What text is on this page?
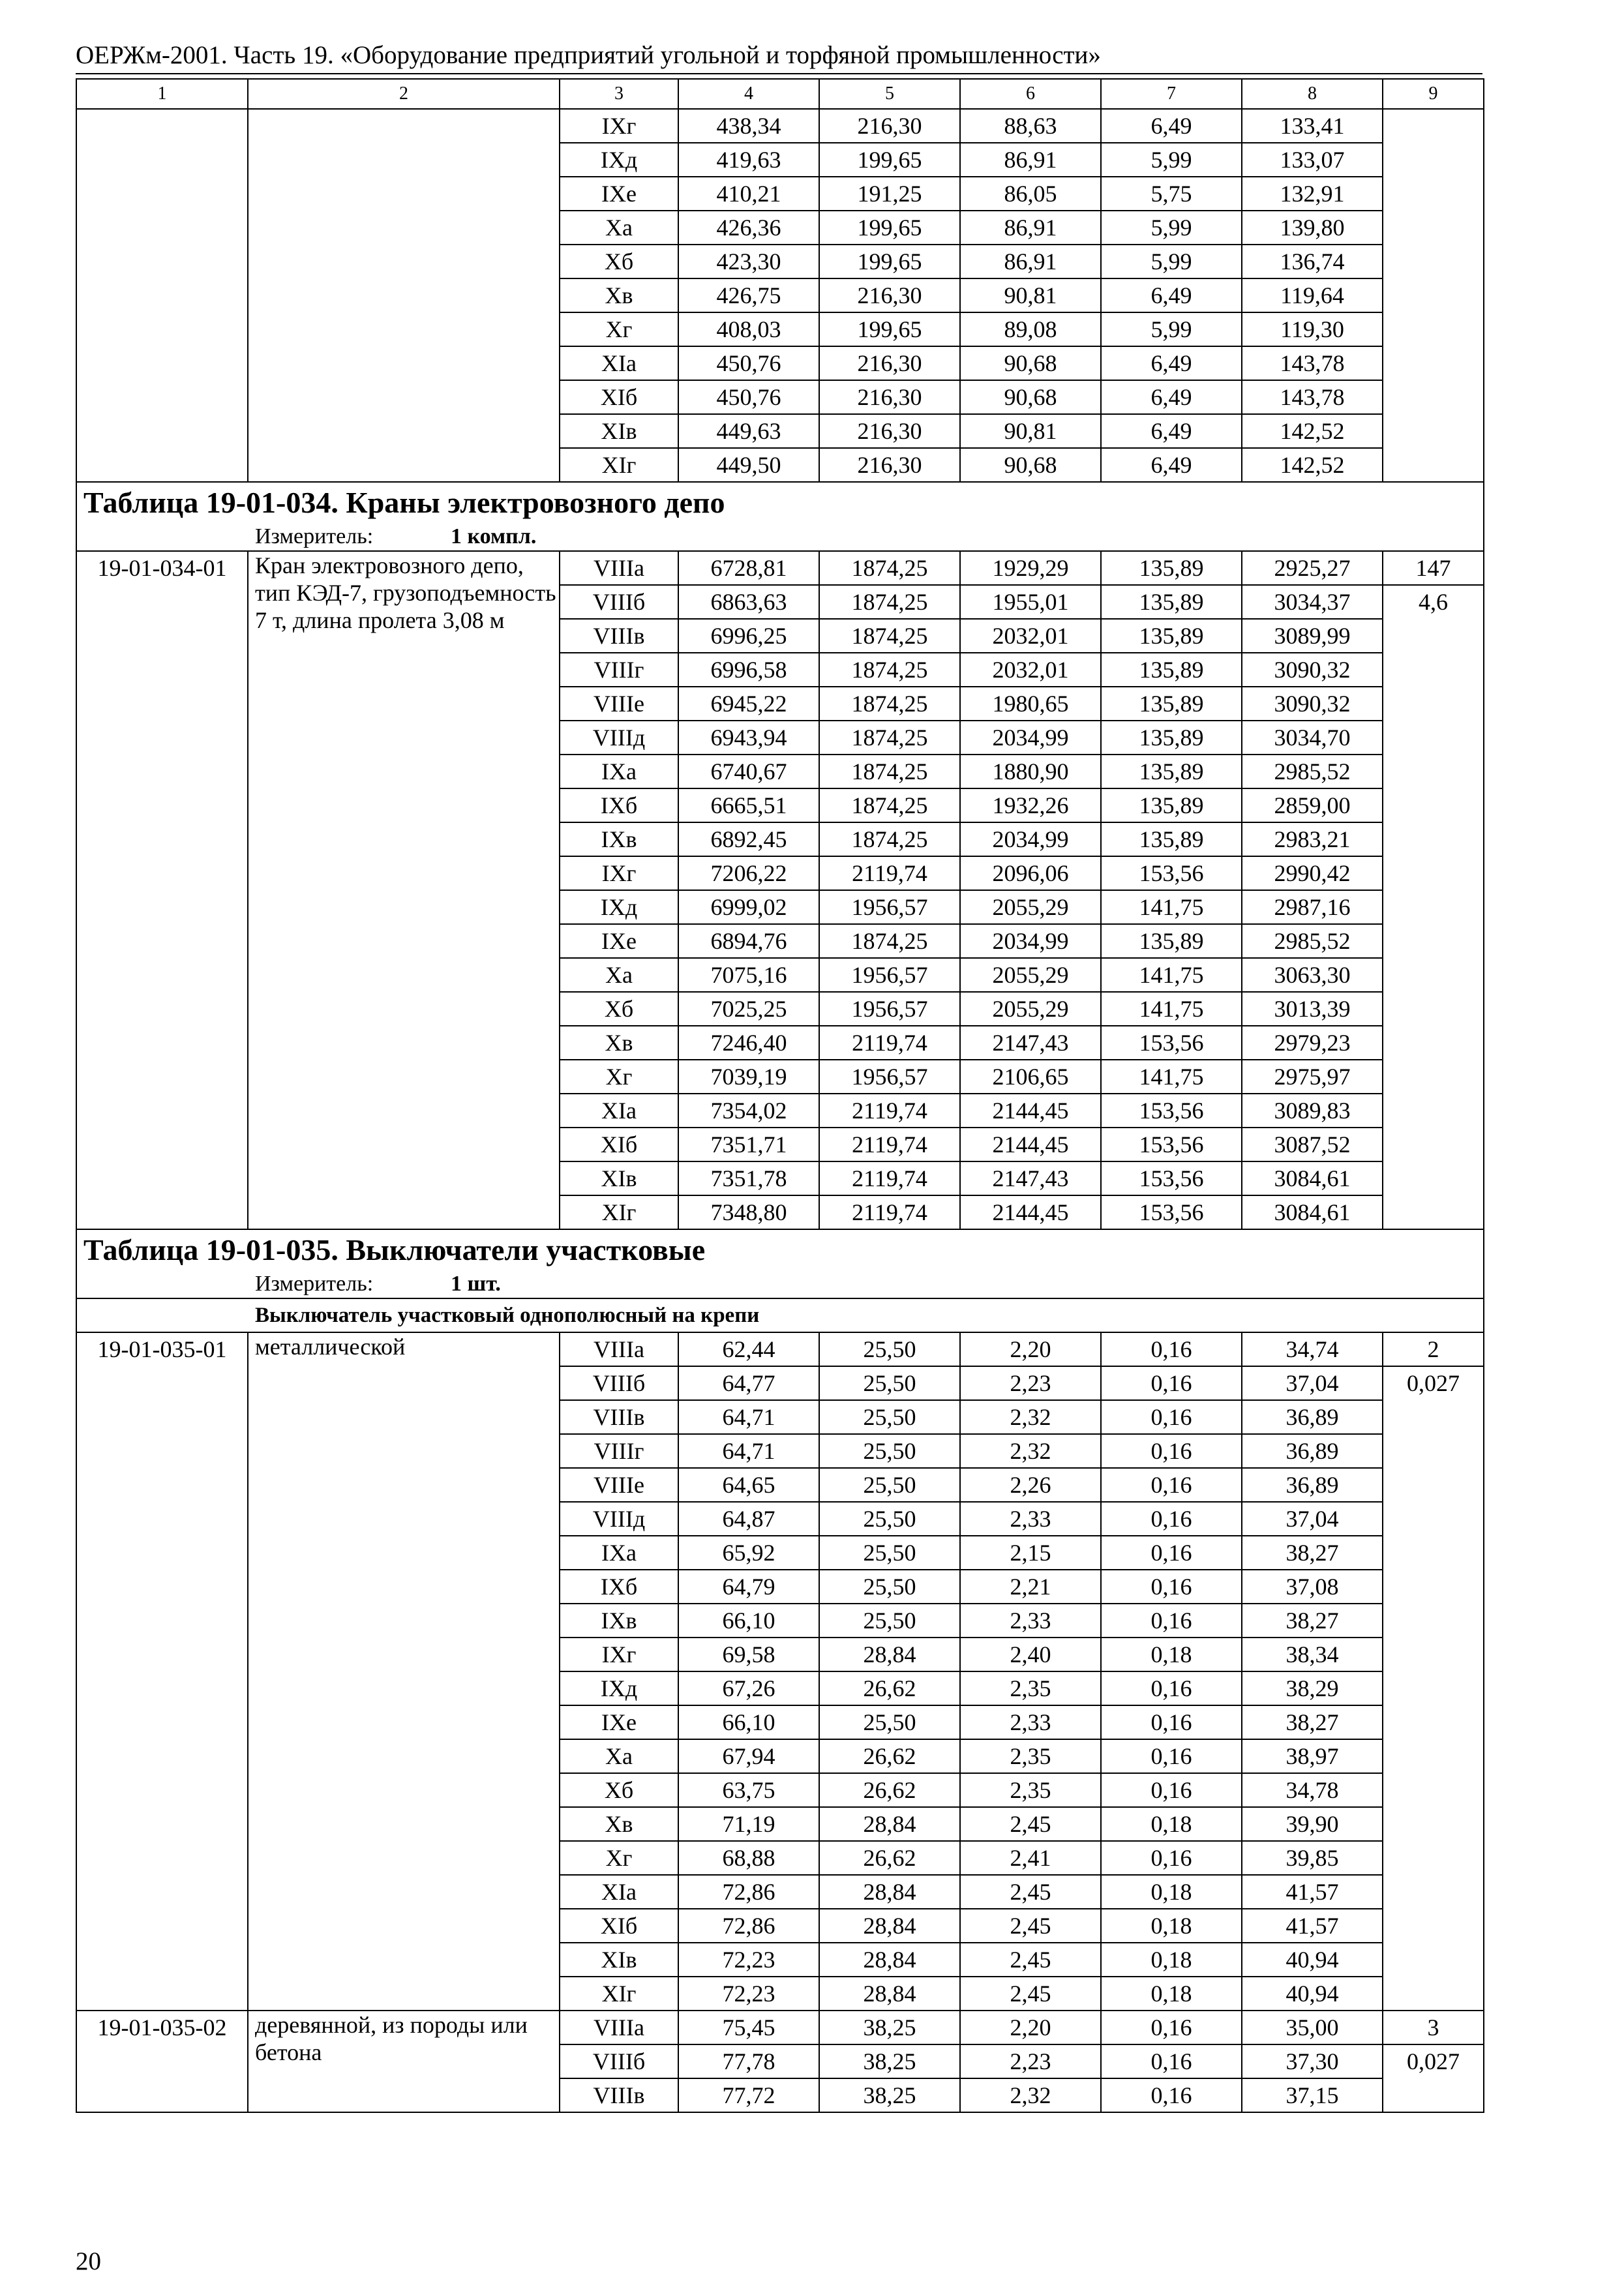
ОЕРЖм-2001. Часть 19. «Оборудование предприятий угольной и торфяной промышленности»
1	2	3	4	5	6	7	8	9
		IXг	438,34	216,30	88,63	6,49	133,41	
		IXд	419,63	199,65	86,91	5,99	133,07	
		IXе	410,21	191,25	86,05	5,75	132,91	
		Xа	426,36	199,65	86,91	5,99	139,80	
		Xб	423,30	199,65	86,91	5,99	136,74	
		Xв	426,75	216,30	90,81	6,49	119,64	
		Xг	408,03	199,65	89,08	5,99	119,30	
		XIа	450,76	216,30	90,68	6,49	143,78	
		XIб	450,76	216,30	90,68	6,49	143,78	
		XIв	449,63	216,30	90,81	6,49	142,52	
		XIг	449,50	216,30	90,68	6,49	142,52	
Таблица 19-01-034. Краны электровозного депо								
Измеритель: 1 компл.								
19-01-034-01	Кран электровозного депо, тип КЭД-7, грузоподъемность 7 т, длина пролета 3,08 м	VIIIа	6728,81	1874,25	1929,29	135,89	2925,27	147
		VIIIб	6863,63	1874,25	1955,01	135,89	3034,37	4,6
		VIIIв	6996,25	1874,25	2032,01	135,89	3089,99	
		VIIIг	6996,58	1874,25	2032,01	135,89	3090,32	
		VIIIе	6945,22	1874,25	1980,65	135,89	3090,32	
		VIIIд	6943,94	1874,25	2034,99	135,89	3034,70	
		IXа	6740,67	1874,25	1880,90	135,89	2985,52	
		IXб	6665,51	1874,25	1932,26	135,89	2859,00	
		IXв	6892,45	1874,25	2034,99	135,89	2983,21	
		IXг	7206,22	2119,74	2096,06	153,56	2990,42	
		IXд	6999,02	1956,57	2055,29	141,75	2987,16	
		IXе	6894,76	1874,25	2034,99	135,89	2985,52	
		Xа	7075,16	1956,57	2055,29	141,75	3063,30	
		Xб	7025,25	1956,57	2055,29	141,75	3013,39	
		Xв	7246,40	2119,74	2147,43	153,56	2979,23	
		Xг	7039,19	1956,57	2106,65	141,75	2975,97	
		XIа	7354,02	2119,74	2144,45	153,56	3089,83	
		XIб	7351,71	2119,74	2144,45	153,56	3087,52	
		XIв	7351,78	2119,74	2147,43	153,56	3084,61	
		XIг	7348,80	2119,74	2144,45	153,56	3084,61	
Таблица 19-01-035. Выключатели участковые								
Измеритель: 1 шт.								
Выключатель участковый однополюсный на крепи								
19-01-035-01	металлической	VIIIа	62,44	25,50	2,20	0,16	34,74	2
		VIIIб	64,77	25,50	2,23	0,16	37,04	0,027
		VIIIв	64,71	25,50	2,32	0,16	36,89	
		VIIIг	64,71	25,50	2,32	0,16	36,89	
		VIIIе	64,65	25,50	2,26	0,16	36,89	
		VIIIд	64,87	25,50	2,33	0,16	37,04	
		IXа	65,92	25,50	2,15	0,16	38,27	
		IXб	64,79	25,50	2,21	0,16	37,08	
		IXв	66,10	25,50	2,33	0,16	38,27	
		IXг	69,58	28,84	2,40	0,18	38,34	
		IXд	67,26	26,62	2,35	0,16	38,29	
		IXе	66,10	25,50	2,33	0,16	38,27	
		Xа	67,94	26,62	2,35	0,16	38,97	
		Xб	63,75	26,62	2,35	0,16	34,78	
		Xв	71,19	28,84	2,45	0,18	39,90	
		Xг	68,88	26,62	2,41	0,16	39,85	
		XIа	72,86	28,84	2,45	0,18	41,57	
		XIб	72,86	28,84	2,45	0,18	41,57	
		XIв	72,23	28,84	2,45	0,18	40,94	
		XIг	72,23	28,84	2,45	0,18	40,94	
19-01-035-02	деревянной, из породы или бетона	VIIIа	75,45	38,25	2,20	0,16	35,00	3
		VIIIб	77,78	38,25	2,23	0,16	37,30	0,027
		VIIIв	77,72	38,25	2,32	0,16	37,15	
20
